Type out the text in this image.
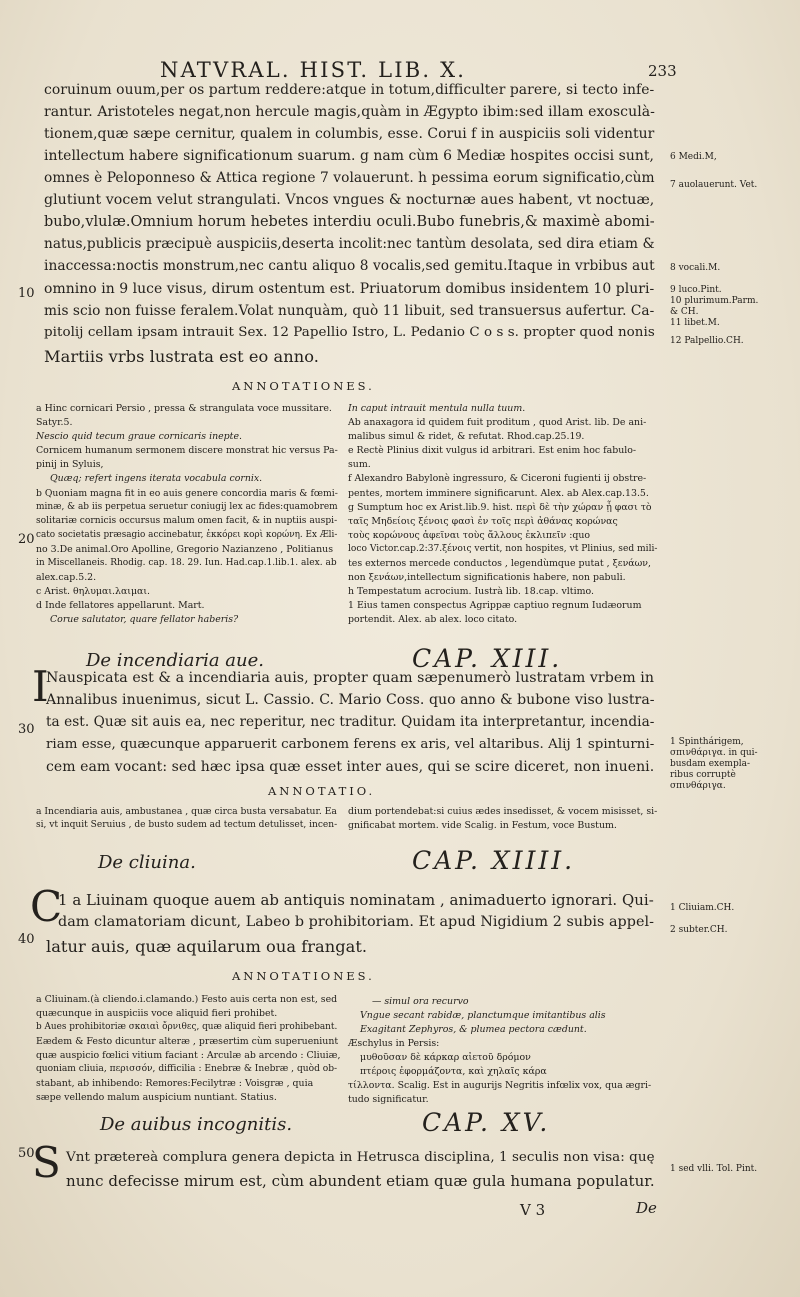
NATVRAL. HIST. LIB. X.	233
coruinum ouum,per os partum reddere:atque in totum,difficulter parere, si tecto infe-
rantur. Aristoteles negat,non hercule magis,quàm in Ægypto ibim:sed illam exosculà-
tionem,quæ sæpe cernitur, qualem in columbis, esse. Corui f in auspiciis soli videntur
intellectum habere significationum suarum. g nam cùm 6 Mediæ hospites occisi sunt,
omnes è Peloponneso & Attica regione 7 volauerunt. h pessima eorum significatio,cùm
glutiunt vocem velut strangulati. Vncos vngues & nocturnæ aues habent, vt noctuæ,
bubo,vlulæ.Omnium horum hebetes interdiu oculi.Bubo funebris,& maximè abomi-
natus,publicis præcipuè auspiciis,deserta incolit:nec tantùm desolata, sed dira etiam &
inaccessa:noctis monstrum,nec cantu aliquo 8 vocalis,sed gemitu.Itaque in vrbibus aut
omnino in 9 luce visus, dirum ostentum est. Priuatorum domibus insidentem 10 pluri-
mis scio non fuisse feralem.Volat nunquàm, quò 11 libuit, sed transuersus aufertur. Ca-
pitolij cellam ipsam intrauit Sex. 12 Papellio Istro, L. Pedanio C o s s. propter quod nonis
Martiis vrbs lustrata est eo anno.
10
20
30
40
50
6 Medi.M,
7 auolauerunt. Vet.
8 vocali.M.
9 luco.Pint.
10 plurimum.Parm.
& CH.
11 libet.M.
12 Palpellio.CH.
ANNOTATIONES.
a Hinc cornicari Persio , pressa & strangulata voce mussitare.
Satyr.5.
Nescio quid tecum graue cornicaris inepte.
Cornicem humanum sermonem discere monstrat hic versus Pa-
pinij in Syluis,
Quæq; refert ingens iterata vocabula cornix.
b Quoniam magna fit in eo auis genere concordia maris & fœmi-
minæ, & ab iis perpetua seruetur coniugij lex ac fides:quamobrem
solitariæ cornicis occursus malum omen facit, & in nuptiis auspi-
cato societatis præsagio accinebatur, ἐκκόρει κορὶ κορώνη. Ex Æli-
no 3.De animal.Oro Apolline, Gregorio Nazianzeno , Politianus
in Miscellaneis. Rhodig. cap. 18. 29. Iun. Had.cap.1.lib.1. alex. ab
alex.cap.5.2.
c Arist. θηλυμαι.λαιμαι.
d Inde fellatores appellarunt. Mart.
Corue salutator, quare fellator haberis?
In caput intrauit mentula nulla tuum.
Ab anaxagora id quidem fuit proditum , quod Arist. lib. De ani-
malibus simul & ridet, & refutat. Rhod.cap.25.19.
e Rectè Plinius dixit vulgus id arbitrari. Est enim hoc fabulo-
sum.
f Alexandro Babylonè ingressuro, & Ciceroni fugienti ij obstre-
pentes, mortem imminere significarunt. Alex. ab Alex.cap.13.5.
g Sumptum hoc ex Arist.lib.9. hist. περὶ δὲ τὴν χώραν ᾗ φασι τὸ
ταῖς Μηδείοις ξένοις φασὶ ἐν τοῖς περὶ ἀθάνας κορώνας
τοὺς κορώνους ἀφεῖναι τοὺς ἄλλους ἐκλιπεῖν :quo
loco Victor.cap.2:37.ξένοις vertit, non hospites, vt Plinius, sed mili-
tes externos mercede conductos , legendùmque putat , ξενάων,
non ξενάων,intellectum significationis habere, non pabuli.
h Tempestatum acrocium. Iustrà lib. 18.cap. vltimo.
1 Eius tamen conspectus Agrippæ captiuo regnum Iudæorum
portendit. Alex. ab alex. loco citato.
De incendiaria aue.	CAP. XIII.
I
Nauspicata est & a incendiaria auis, propter quam sæpenumerò lustratam vrbem in
Annalibus inuenimus, sicut L. Cassio. C. Mario Coss. quo anno & bubone viso lustra-
ta est. Quæ sit auis ea, nec reperitur, nec traditur. Quidam ita interpretantur, incendia-
riam esse, quæcunque apparuerit carbonem ferens ex aris, vel altaribus. Alij 1 spinturni-
cem eam vocant: sed hæc ipsa quæ esset inter aues, qui se scire diceret, non inueni.
1 Spinthárigem,
σπινθάριγα. in qui-
busdam exempla-
ribus corruptè
σπινθάριγα.
ANNOTATIO.
a Incendiaria auis, ambustanea , quæ circa busta versabatur. Ea
si, vt inquit Seruius , de busto sudem ad tectum detulisset, incen-
dium portendebat:si cuius ædes insedisset, & vocem misisset, si-
gnificabat mortem. vide Scalig. in Festum, voce Bustum.
De cliuina.	CAP. XIIII.
C
1 a Liuinam quoque auem ab antiquis nominatam , animaduerto ignorari. Qui-
dam clamatoriam dicunt, Labeo b prohibitoriam. Et apud Nigidium 2 subis appel-
latur auis, quæ aquilarum oua frangat.
1 Cliuiam.CH.
2 subter.CH.
ANNOTATIONES.
a Cliuinam.(à cliendo.i.clamando.) Festo auis certa non est, sed
quæcunque in auspiciis voce aliquid fieri prohibet.
b Aues prohibitoriæ σκαιαὶ ὄρνιθες, quæ aliquid fieri prohibebant.
Eædem & Festo dicuntur alteræ , præsertim cùm superueniunt
quæ auspicio fœlici vitium faciant : Arculæ ab arcendo : Cliuiæ,
quoniam cliuia, περισσόν, difficilia : Enebræ & Inebræ , quòd ob-
stabant, ab inhibendo: Remores:Fecilytræ : Voisgræ , quia
sæpe vellendo malum auspicium nuntiant. Statius.
— simul ora recurvo
Vngue secant rabidæ, planctumque imitantibus alis
Exagitant Zephyros, & plumea pectora cædunt.
Æschylus in Persis:
μυθοῦσαν δὲ κάρκαρ αἰετοῦ δρόμον
πτέροις ἐφορμάζοντα, καὶ χηλαῖς κάρα
τίλλοντα. Scalig. Est in augurijs Negritis infœlix vox, qua ægri-
tudo significatur.
De auibus incognitis.	CAP. XV.
S Vnt prætereà complura genera depicta in Hetrusca disciplina, 1 seculis non visa: quę
nunc defecisse mirum est, cùm abundent etiam quæ gula humana populatur.
1 sed vlli. Tol. Pint.
V 3	De
